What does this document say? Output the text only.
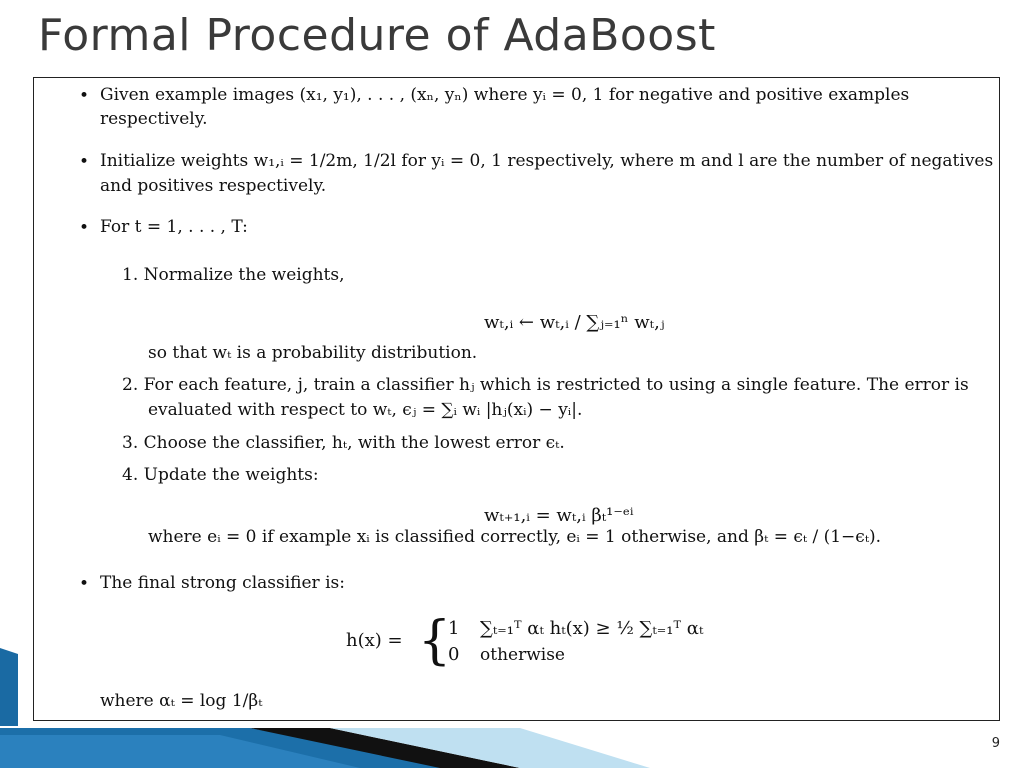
Formal Procedure of AdaBoost
• Given example images (x₁, y₁), . . . , (xₙ, yₙ) where yᵢ = 0, 1 for negative and positive examples

respectively.

• Initialize weights w₁,ᵢ = 1/2m, 1/2l for yᵢ = 0, 1 respectively, where m and l are the number of negatives

and positives respectively.

• For t = 1, . . . , T:

1. Normalize the weights,

wₜ,ᵢ ← wₜ,ᵢ / ∑ⱼ₌₁ⁿ wₜ,ⱼ

so that wₜ is a probability distribution.

2. For each feature, j, train a classifier hⱼ which is restricted to using a single feature. The error is

evaluated with respect to wₜ, ϵⱼ = ∑ᵢ wᵢ |hⱼ(xᵢ) − yᵢ|.

3. Choose the classifier, hₜ, with the lowest error ϵₜ.

4. Update the weights:

wₜ₊₁,ᵢ = wₜ,ᵢ βₜ¹⁻ᵉⁱ

where eᵢ = 0 if example xᵢ is classified correctly, eᵢ = 1 otherwise, and βₜ = ϵₜ / (1−ϵₜ).

• The final strong classifier is:

h(x) = {
1 ∑ₜ₌₁ᵀ αₜ hₜ(x) ≥ ½ ∑ₜ₌₁ᵀ αₜ
0 otherwise

where αₜ = log 1/βₜ

9
